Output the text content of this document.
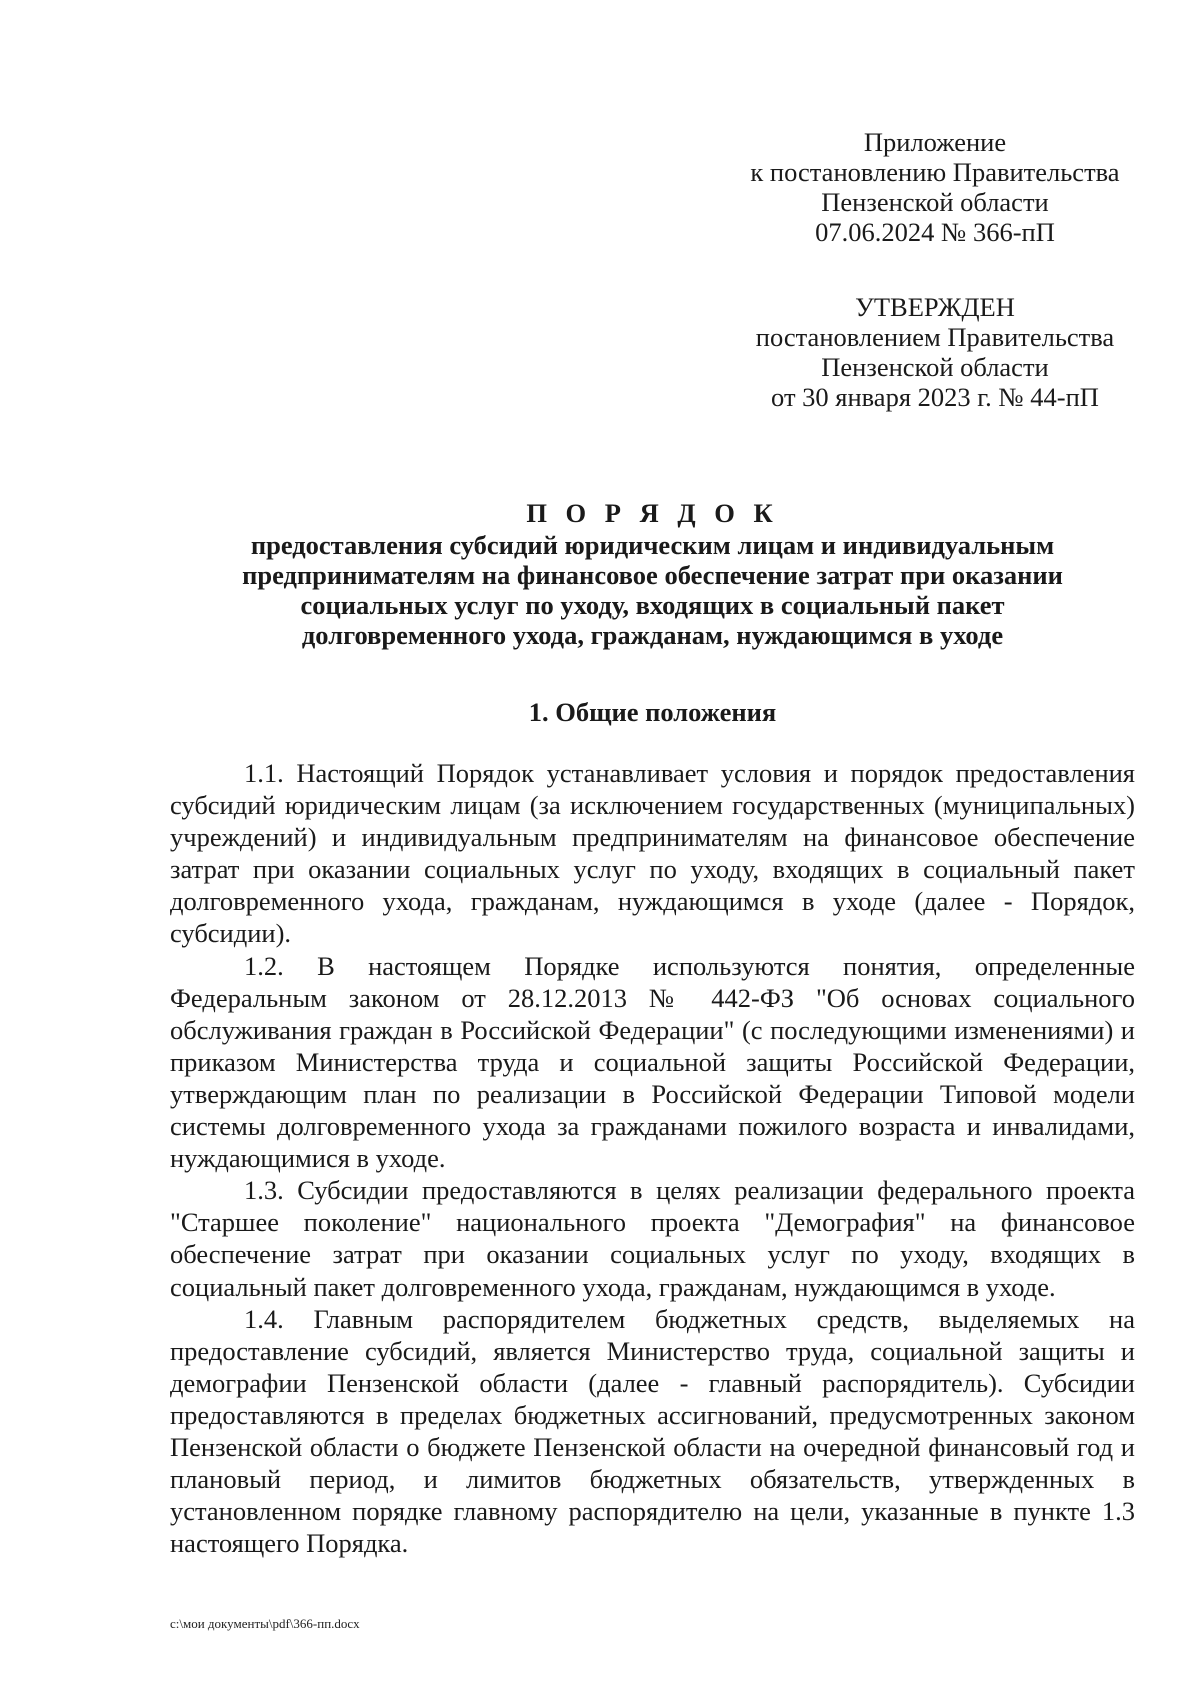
Приложение
к постановлению Правительства
Пензенской области
07.06.2024 № 366-пП
УТВЕРЖДЕН
постановлением Правительства
Пензенской области
от 30 января 2023 г. № 44-пП
П О Р Я Д О К
предоставления субсидий юридическим лицам и индивидуальным
предпринимателям на финансовое обеспечение затрат при оказании
социальных услуг по уходу, входящих в социальный пакет
долговременного ухода, гражданам, нуждающимся в уходе
1. Общие положения

1.1. Настоящий Порядок устанавливает условия и порядок предоставления субсидий юридическим лицам (за исключением государственных (муниципальных) учреждений) и индивидуальным предпринимателям на финансовое обеспечение затрат при оказании социальных услуг по уходу, входящих в социальный пакет долговременного ухода, гражданам, нуждающимся в уходе (далее - Порядок, субсидии).

1.2. В настоящем Порядке используются понятия, определенные Федеральным законом от 28.12.2013 № 442-ФЗ "Об основах социального обслуживания граждан в Российской Федерации" (с последующими изменениями) и приказом Министерства труда и социальной защиты Российской Федерации, утверждающим план по реализации в Российской Федерации Типовой модели системы долговременного ухода за гражданами пожилого возраста и инвалидами, нуждающимися в уходе.

1.3. Субсидии предоставляются в целях реализации федерального проекта "Старшее поколение" национального проекта "Демография" на финансовое обеспечение затрат при оказании социальных услуг по уходу, входящих в социальный пакет долговременного ухода, гражданам, нуждающимся в уходе.

1.4. Главным распорядителем бюджетных средств, выделяемых на предоставление субсидий, является Министерство труда, социальной защиты и демографии Пензенской области (далее - главный распорядитель). Субсидии предоставляются в пределах бюджетных ассигнований, предусмотренных законом Пензенской области о бюджете Пензенской области на очередной финансовый год и плановый период, и лимитов бюджетных обязательств, утвержденных в установленном порядке главному распорядителю на цели, указанные в пункте 1.3 настоящего Порядка.

c:\мои документы\pdf\366-пп.docx
